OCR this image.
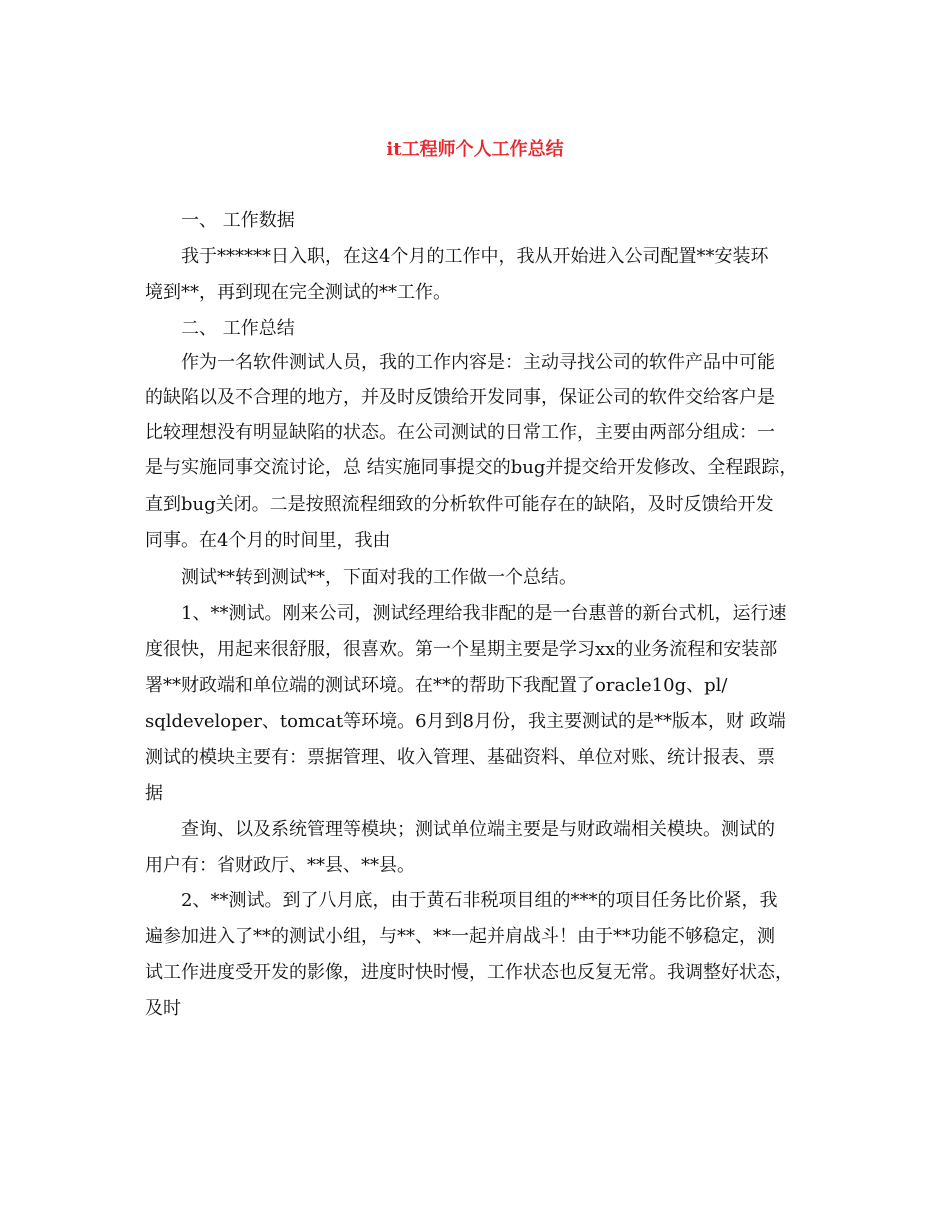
it工程师个人工作总结
一、 工作数据
我于******日入职，在这4个月的工作中，我从开始进入公司配置**安装环
境到**，再到现在完全测试的**工作。
二、 工作总结
作为一名软件测试人员，我的工作内容是：主动寻找公司的软件产品中可能
的缺陷以及不合理的地方，并及时反馈给开发同事，保证公司的软件交给客户是
比较理想没有明显缺陷的状态。在公司测试的日常工作，主要由两部分组成：一
是与实施同事交流讨论，总 结实施同事提交的bug并提交给开发修改、全程跟踪，
直到bug关闭。二是按照流程细致的分析软件可能存在的缺陷，及时反馈给开发
同事。在4个月的时间里，我由
测试**转到测试**，下面对我的工作做一个总结。
1、**测试。刚来公司，测试经理给我非配的是一台惠普的新台式机，运行速
度很快，用起来很舒服，很喜欢。第一个星期主要是学习xx的业务流程和安装部
署**财政端和单位端的测试环境。在**的帮助下我配置了oracle10g、pl/
sqldeveloper、tomcat等环境。6月到8月份，我主要测试的是**版本，财 政端
测试的模块主要有：票据管理、收入管理、基础资料、单位对账、统计报表、票
据
查询、以及系统管理等模块；测试单位端主要是与财政端相关模块。测试的
用户有：省财政厅、**县、**县。
2、**测试。到了八月底，由于黄石非税项目组的***的项目任务比价紧，我
遍参加进入了**的测试小组，与**、**一起并肩战斗！由于**功能不够稳定，测
试工作进度受开发的影像，进度时快时慢，工作状态也反复无常。我调整好状态，
及时
